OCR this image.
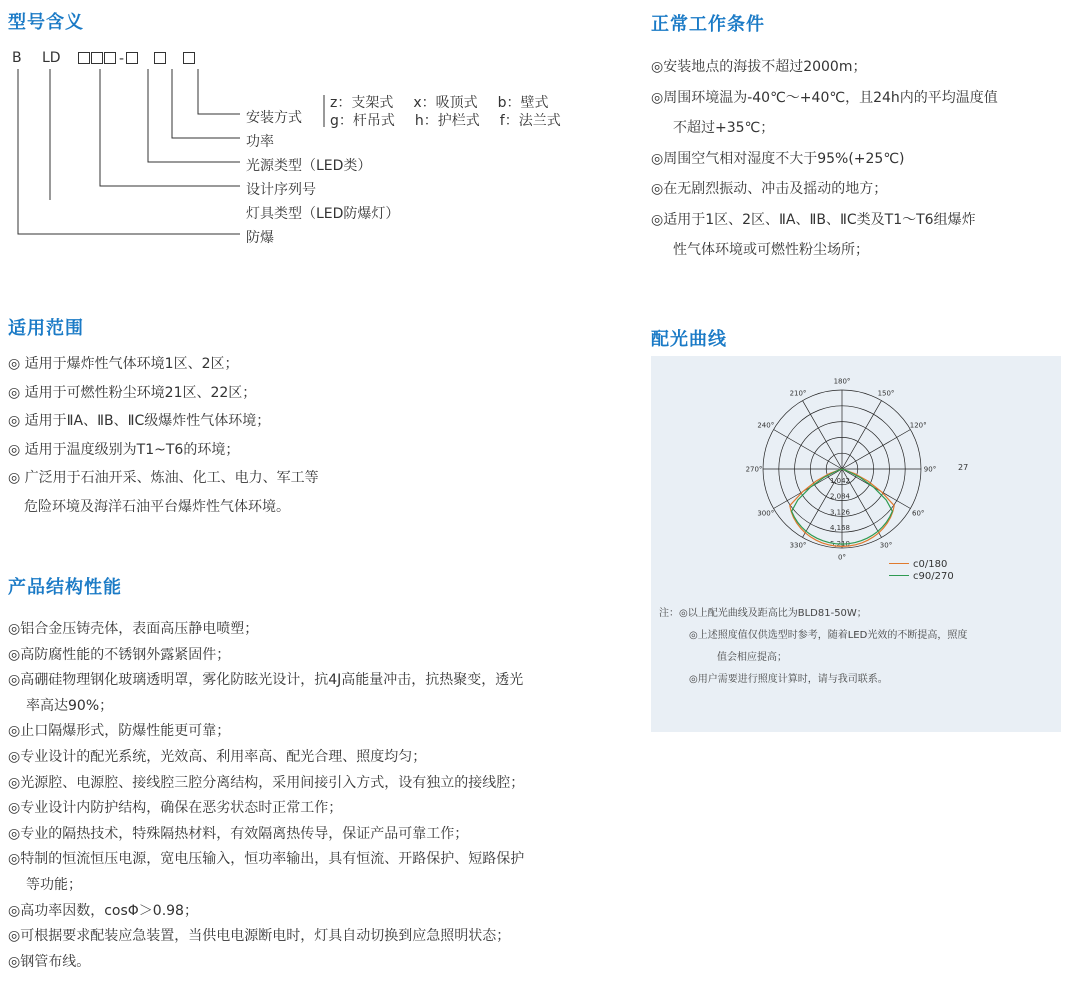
型号含义
B LD	-
安装方式
z：支架式 x：吸顶式 b：壁式
g：杆吊式 h：护栏式 f：法兰式
功率
光源类型（LED类）
设计序列号
灯具类型（LED防爆灯）
防爆
适用范围
◎ 适用于爆炸性气体环境1区、2区；
◎ 适用于可燃性粉尘环境21区、22区；
◎ 适用于ⅡA、ⅡB、ⅡC级爆炸性气体环境；
◎ 适用于温度级别为T1~T6的环境；
◎ 广泛用于石油开采、炼油、化工、电力、军工等
危险环境及海洋石油平台爆炸性气体环境。
产品结构性能
◎铝合金压铸壳体，表面高压静电喷塑；
◎高防腐性能的不锈钢外露紧固件；
◎高硼硅物理钢化玻璃透明罩，雾化防眩光设计，抗4J高能量冲击，抗热聚变，透光
率高达90%；
◎止口隔爆形式，防爆性能更可靠；
◎专业设计的配光系统，光效高、利用率高、配光合理、照度均匀；
◎光源腔、电源腔、接线腔三腔分离结构，采用间接引入方式，设有独立的接线腔；
◎专业设计内防护结构，确保在恶劣状态时正常工作；
◎专业的隔热技术，特殊隔热材料，有效隔离热传导，保证产品可靠工作；
◎特制的恒流恒压电源，宽电压输入，恒功率输出，具有恒流、开路保护、短路保护
等功能；
◎高功率因数，cosΦ＞0.98；
◎可根据要求配装应急装置，当供电电源断电时，灯具自动切换到应急照明状态；
◎钢管布线。
正常工作条件
◎安装地点的海拔不超过2000m；
◎周围环境温为-40℃～+40℃，且24h内的平均温度值
不超过+35℃；
◎周围空气相对湿度不大于95%(+25℃)
◎在无剧烈振动、冲击及摇动的地方；
◎适用于1区、2区、ⅡA、ⅡB、ⅡC类及T1～T6组爆炸
性气体环境或可燃性粉尘场所；
配光曲线
180°
150°
120°
90°
60°
30°
0°
330°
300°
270°
240°
210°
1,042
2,084
3,126
4,168
5,210
27
c0/180
c90/270
注：◎以上配光曲线及距高比为BLD81-50W；
◎上述照度值仅供选型时参考，随着LED光效的不断提高，照度
值会相应提高；
◎用户需要进行照度计算时，请与我司联系。
